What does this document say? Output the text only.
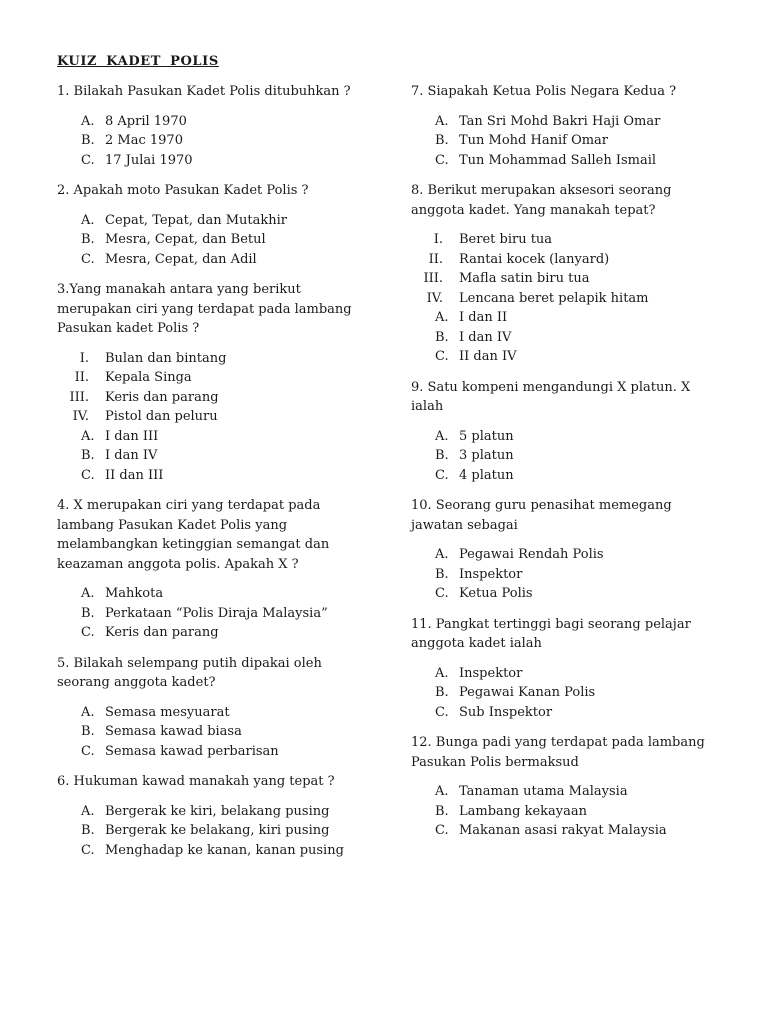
KUIZ KADET POLIS
1. Bilakah Pasukan Kadet Polis ditubuhkan ?
A. 8 April 1970
B. 2 Mac 1970
C. 17 Julai 1970
2. Apakah moto Pasukan Kadet Polis ?
A. Cepat, Tepat, dan Mutakhir
B. Mesra, Cepat, dan Betul
C. Mesra, Cepat, dan Adil
3.Yang manakah antara yang berikut merupakan ciri yang terdapat pada lambang Pasukan kadet Polis ?
I.	Bulan dan bintang
II.	Kepala Singa
III.	Keris dan parang
IV.	Pistol dan peluru
A. I dan III
B. I dan IV
C. II dan III
4. X merupakan ciri yang terdapat pada lambang Pasukan Kadet Polis yang melambangkan ketinggian semangat dan keazaman anggota polis. Apakah X ?
A. Mahkota
B. Perkataan “Polis Diraja Malaysia”
C. Keris dan parang
5. Bilakah selempang putih dipakai oleh seorang anggota kadet?
A. Semasa mesyuarat
B. Semasa kawad biasa
C. Semasa kawad perbarisan
6. Hukuman kawad manakah yang tepat ?
A. Bergerak ke kiri, belakang pusing
B. Bergerak ke belakang, kiri pusing
C. Menghadap ke kanan, kanan pusing
7. Siapakah Ketua Polis Negara Kedua ?
A. Tan Sri Mohd Bakri Haji Omar
B. Tun Mohd Hanif Omar
C. Tun Mohammad Salleh Ismail
8. Berikut merupakan aksesori seorang anggota kadet. Yang manakah tepat?
I.	Beret biru tua
II.	Rantai kocek (lanyard)
III.	Mafla satin biru tua
IV.	Lencana beret pelapik hitam
A. I dan II
B. I dan IV
C. II dan IV
9. Satu kompeni mengandungi X platun. X ialah
A. 5 platun
B. 3 platun
C. 4 platun
10. Seorang guru penasihat memegang jawatan sebagai
A. Pegawai Rendah Polis
B. Inspektor
C. Ketua Polis
11. Pangkat tertinggi bagi seorang pelajar anggota kadet ialah
A. Inspektor
B. Pegawai Kanan Polis
C. Sub Inspektor
12. Bunga padi yang terdapat pada lambang Pasukan Polis bermaksud
A. Tanaman utama Malaysia
B. Lambang kekayaan
C. Makanan asasi rakyat Malaysia
